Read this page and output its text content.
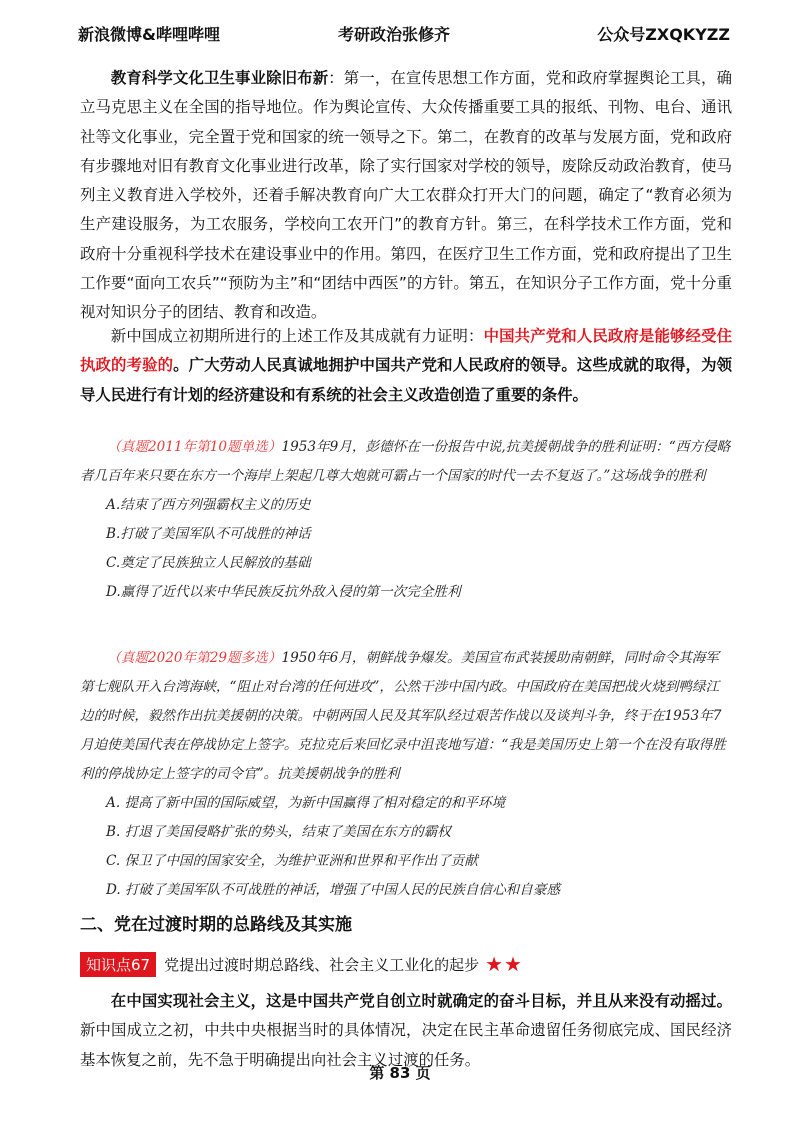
新浪微博&哔哩哔哩	考研政治张修齐	公众号ZXQKYZZ
教育科学文化卫生事业除旧布新：第一，在宣传思想工作方面，党和政府掌握舆论工具，确立马克思主义在全国的指导地位。作为舆论宣传、大众传播重要工具的报纸、刊物、电台、通讯社等文化事业，完全置于党和国家的统一领导之下。第二，在教育的改革与发展方面，党和政府有步骤地对旧有教育文化事业进行改革，除了实行国家对学校的领导，废除反动政治教育，使马列主义教育进入学校外，还着手解决教育向广大工农群众打开大门的问题，确定了“教育必须为生产建设服务，为工农服务，学校向工农开门”的教育方针。第三，在科学技术工作方面，党和政府十分重视科学技术在建设事业中的作用。第四，在医疗卫生工作方面，党和政府提出了卫生工作要“面向工农兵”“预防为主”和“团结中西医”的方针。第五，在知识分子工作方面，党十分重视对知识分子的团结、教育和改造。
新中国成立初期所进行的上述工作及其成就有力证明：中国共产党和人民政府是能够经受住执政的考验的。广大劳动人民真诚地拥护中国共产党和人民政府的领导。这些成就的取得，为领导人民进行有计划的经济建设和有系统的社会主义改造创造了重要的条件。
（真题2011年第10题单选）1953年9月，彭德怀在一份报告中说,抗美援朝战争的胜利证明：“西方侵略者几百年来只要在东方一个海岸上架起几尊大炮就可霸占一个国家的时代一去不复返了。”这场战争的胜利
A.结束了西方列强霸权主义的历史
B.打破了美国军队不可战胜的神话
C.奠定了民族独立人民解放的基础
D.赢得了近代以来中华民族反抗外敌入侵的第一次完全胜利
（真题2020年第29题多选）1950年6月，朝鲜战争爆发。美国宣布武装援助南朝鲜，同时命令其海军第七舰队开入台湾海峡，“阻止对台湾的任何进攻”，公然干涉中国内政。中国政府在美国把战火烧到鸭绿江边的时候，毅然作出抗美援朝的决策。中朝两国人民及其军队经过艰苦作战以及谈判斗争，终于在1953年7月迫使美国代表在停战协定上签字。克拉克后来回忆录中沮丧地写道：“我是美国历史上第一个在没有取得胜利的停战协定上签字的司令官”。抗美援朝战争的胜利
A. 提高了新中国的国际威望，为新中国赢得了相对稳定的和平环境
B. 打退了美国侵略扩张的势头，结束了美国在东方的霸权
C. 保卫了中国的国家安全，为维护亚洲和世界和平作出了贡献
D. 打破了美国军队不可战胜的神话，增强了中国人民的民族自信心和自豪感
二、党在过渡时期的总路线及其实施
知识点67 党提出过渡时期总路线、社会主义工业化的起步 ★★
在中国实现社会主义，这是中国共产党自创立时就确定的奋斗目标，并且从来没有动摇过。新中国成立之初，中共中央根据当时的具体情况，决定在民主革命遗留任务彻底完成、国民经济基本恢复之前，先不急于明确提出向社会主义过渡的任务。
第 83 页
